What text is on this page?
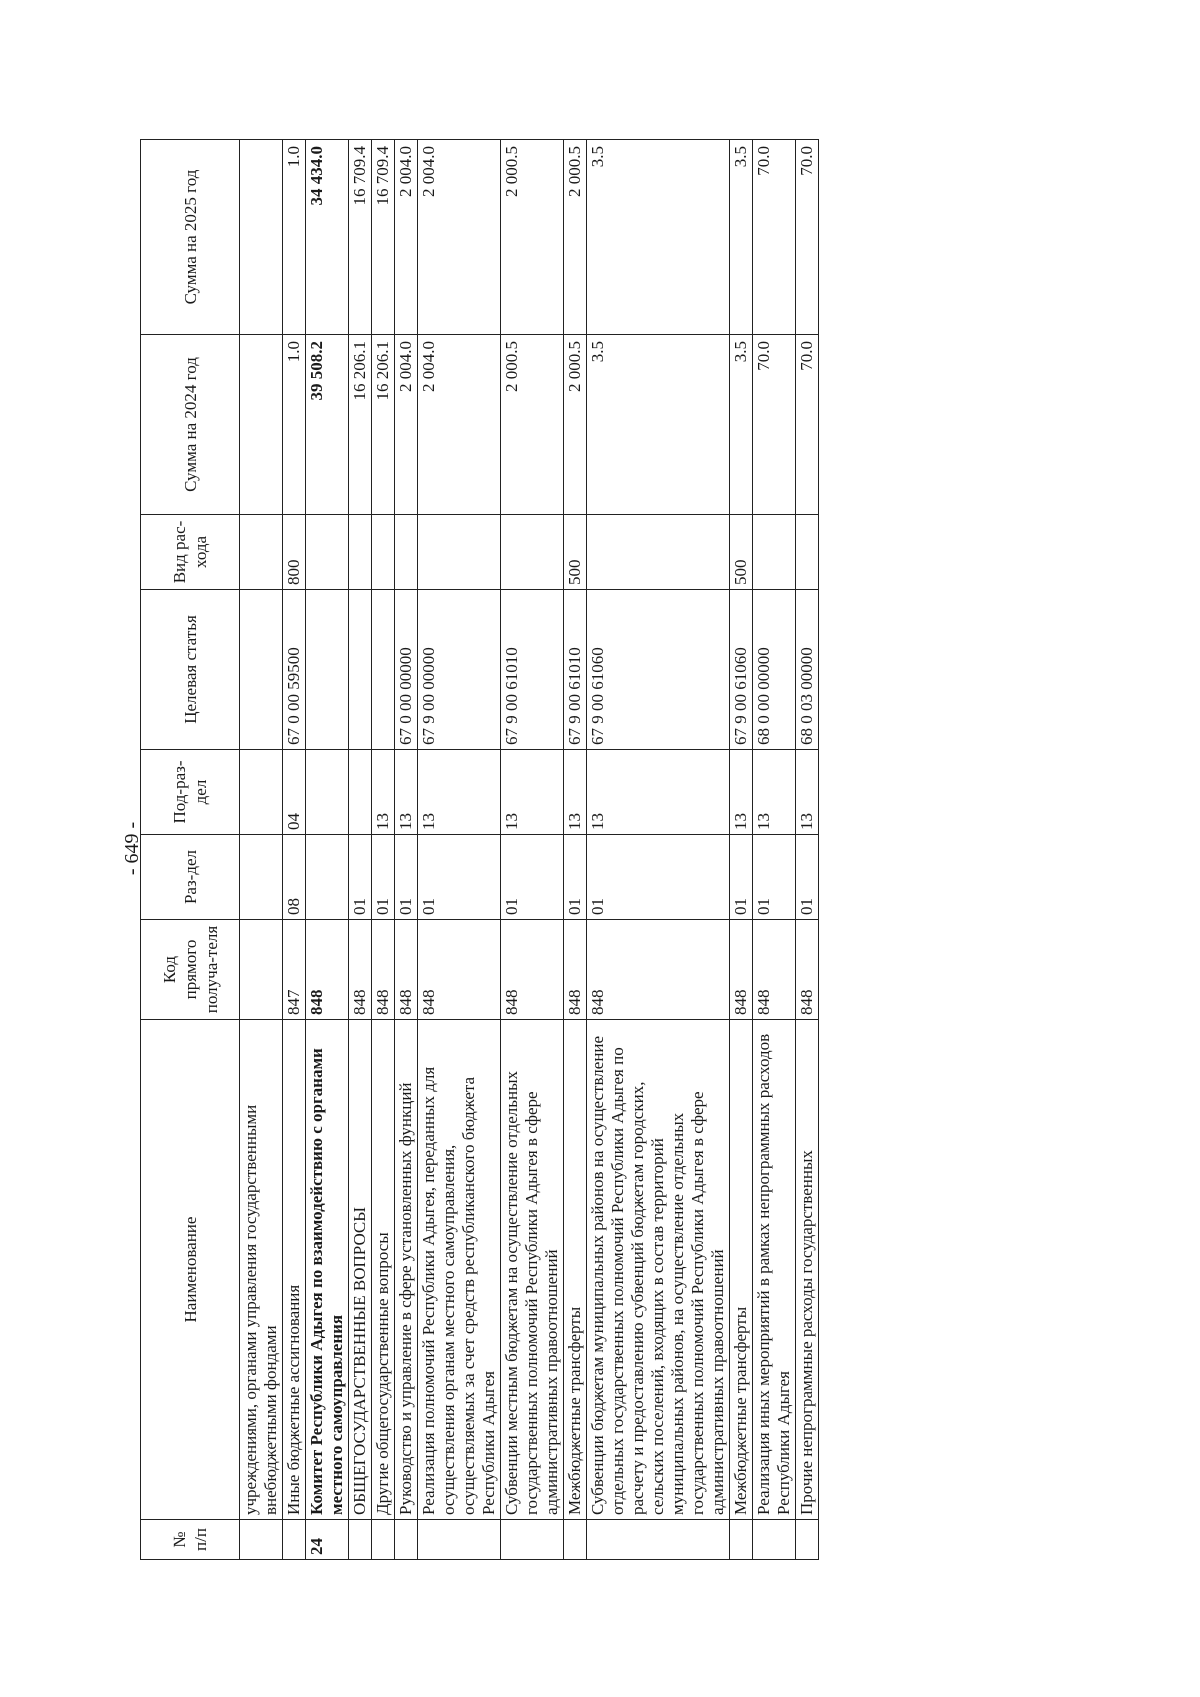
- 649 -
№ п/п	Наименование	Код прямого получа-теля	Раз-дел	Под-раз-дел	Целевая статья	Вид рас-хода	Сумма на 2024 год	Сумма на 2025 год
	учреждениями, органами управления государственными внебюджетными фондами							
	Иные бюджетные ассигнования	847	08	04	67 0 00 59500	800	1.0	1.0
24	Комитет Республики Адыгея по взаимодействию с органами местного самоуправления	848					39 508.2	34 434.0
	ОБЩЕГОСУДАРСТВЕННЫЕ ВОПРОСЫ	848	01				16 206.1	16 709.4
	Другие общегосударственные вопросы	848	01	13			16 206.1	16 709.4
	Руководство и управление в сфере установленных функций	848	01	13	67 0 00 00000		2 004.0	2 004.0
	Реализация полномочий Республики Адыгея, переданных для осуществления органам местного самоуправления, осуществляемых за счет средств республиканского бюджета Республики Адыгея	848	01	13	67 9 00 00000		2 004.0	2 004.0
	Субвенции местным бюджетам на осуществление отдельных государственных полномочий Республики Адыгея в сфере административных правоотношений	848	01	13	67 9 00 61010		2 000.5	2 000.5
	Межбюджетные трансферты	848	01	13	67 9 00 61010	500	2 000.5	2 000.5
	Субвенции бюджетам муниципальных районов на осуществление отдельных государственных полномочий Республики Адыгея по расчету и предоставлению субвенций бюджетам городских, сельских поселений, входящих в состав территорий муниципальных районов, на осуществление отдельных государственных полномочий Республики Адыгея в сфере административных правоотношений	848	01	13	67 9 00 61060		3.5	3.5
	Межбюджетные трансферты	848	01	13	67 9 00 61060	500	3.5	3.5
	Реализация иных мероприятий в рамках непрограммных расходов Республики Адыгея	848	01	13	68 0 00 00000		70.0	70.0
	Прочие непрограммные расходы государственных	848	01	13	68 0 03 00000		70.0	70.0
